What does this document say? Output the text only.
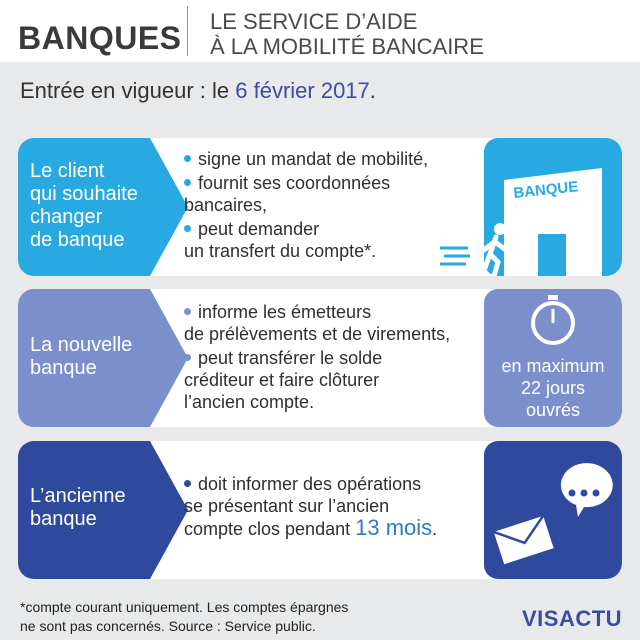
BANQUES LE SERVICE D’AIDE
À LA MOBILITÉ BANCAIRE
Entrée en vigueur : le 6 février 2017.
Le client
qui souhaite
changer
de banque
signe un mandat de mobilité,
fournit ses coordonnées
bancaires,
peut demander
un transfert du compte*.
BANQUE
La nouvelle
banque
informe les émetteurs
de prélèvements et de virements,
peut transférer le solde
créditeur et faire clôturer
l’ancien compte.
en maximum
22 jours
ouvrés
L’ancienne
banque
doit informer des opérations
se présentant sur l’ancien
compte clos pendant 13 mois.
*compte courant uniquement. Les comptes épargnes
ne sont pas concernés. Source : Service public.	VISACTU
